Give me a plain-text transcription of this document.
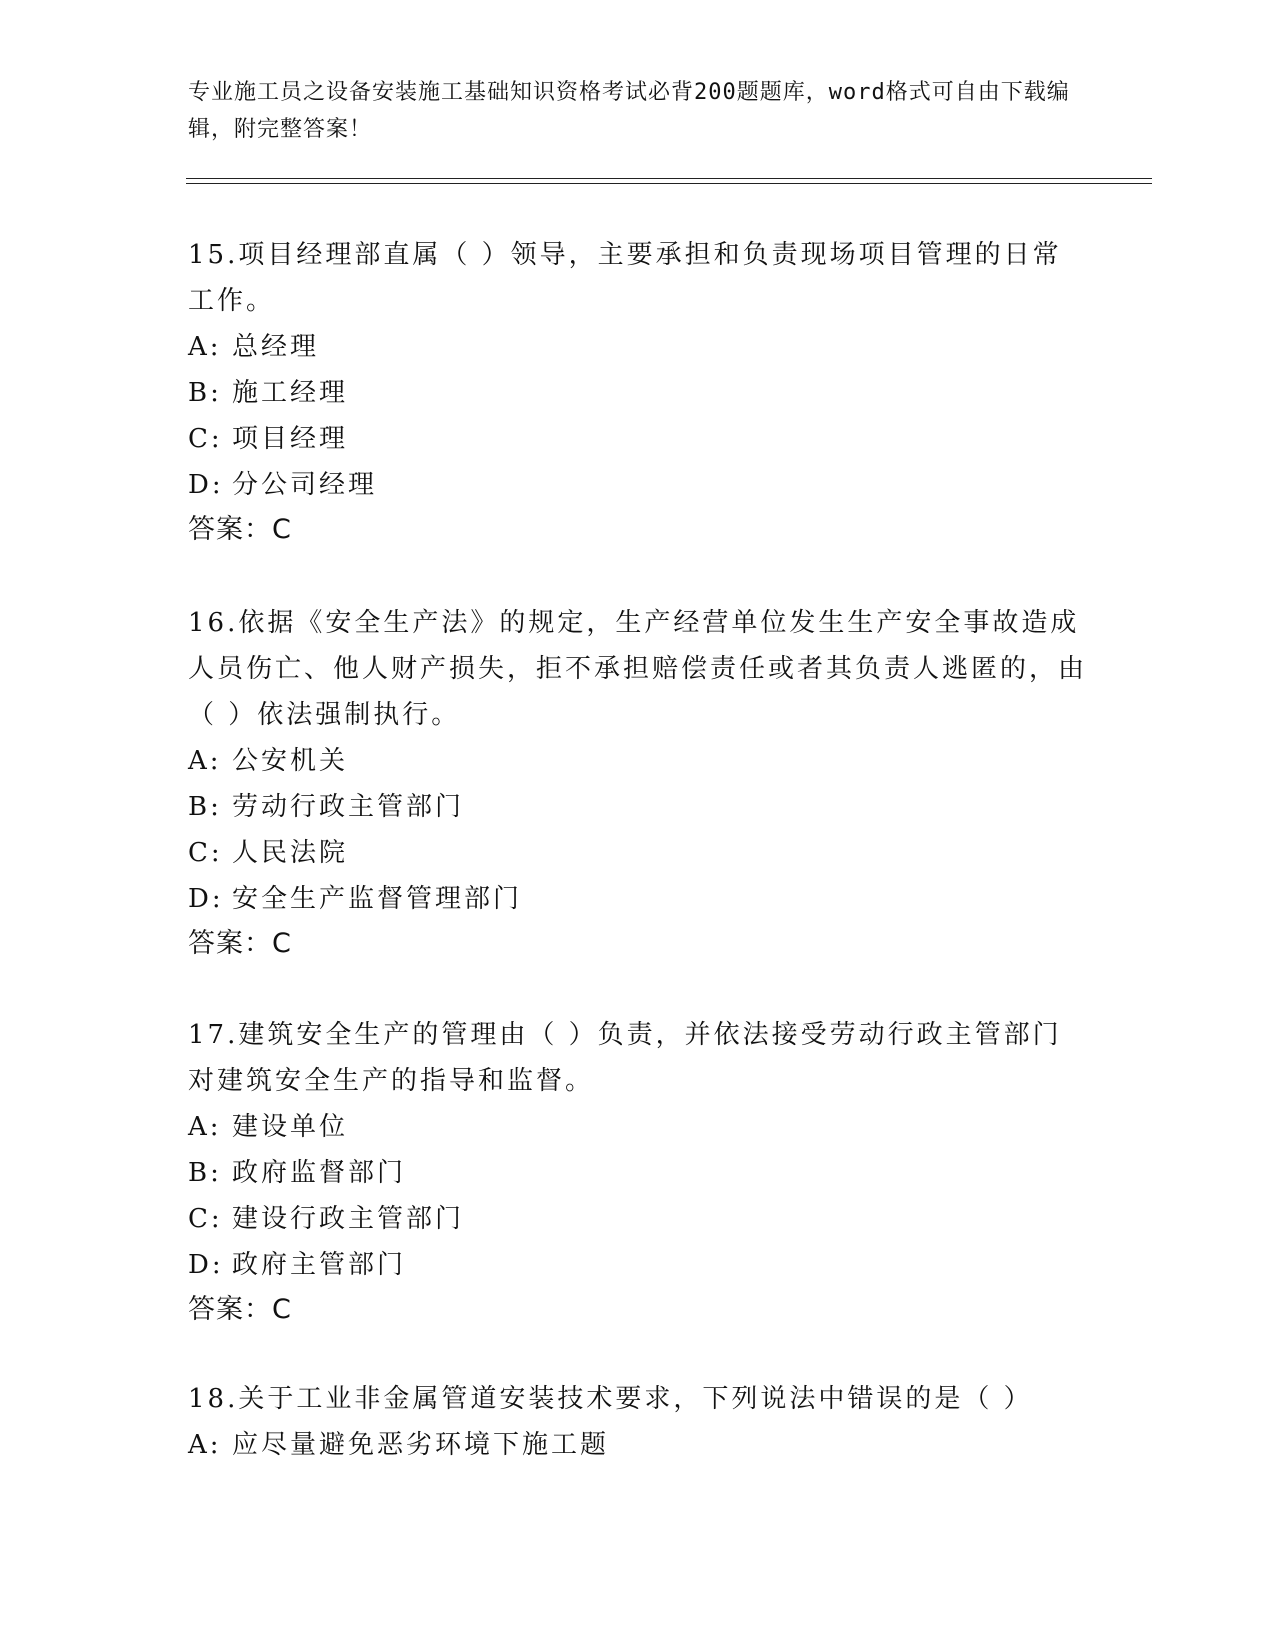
专业施工员之设备安装施工基础知识资格考试必背200题题库，word格式可自由下载编辑，附完整答案！
15.项目经理部直属（ ）领导，主要承担和负责现场项目管理的日常工作。
A: 总经理
B: 施工经理
C: 项目经理
D: 分公司经理
答案：C
16.依据《安全生产法》的规定，生产经营单位发生生产安全事故造成人员伤亡、他人财产损失，拒不承担赔偿责任或者其负责人逃匿的，由（ ）依法强制执行。
A: 公安机关
B: 劳动行政主管部门
C: 人民法院
D: 安全生产监督管理部门
答案：C
17.建筑安全生产的管理由（ ）负责，并依法接受劳动行政主管部门对建筑安全生产的指导和监督。
A: 建设单位
B: 政府监督部门
C: 建设行政主管部门
D: 政府主管部门
答案：C
18.关于工业非金属管道安装技术要求，下列说法中错误的是（ ）
A: 应尽量避免恶劣环境下施工题
